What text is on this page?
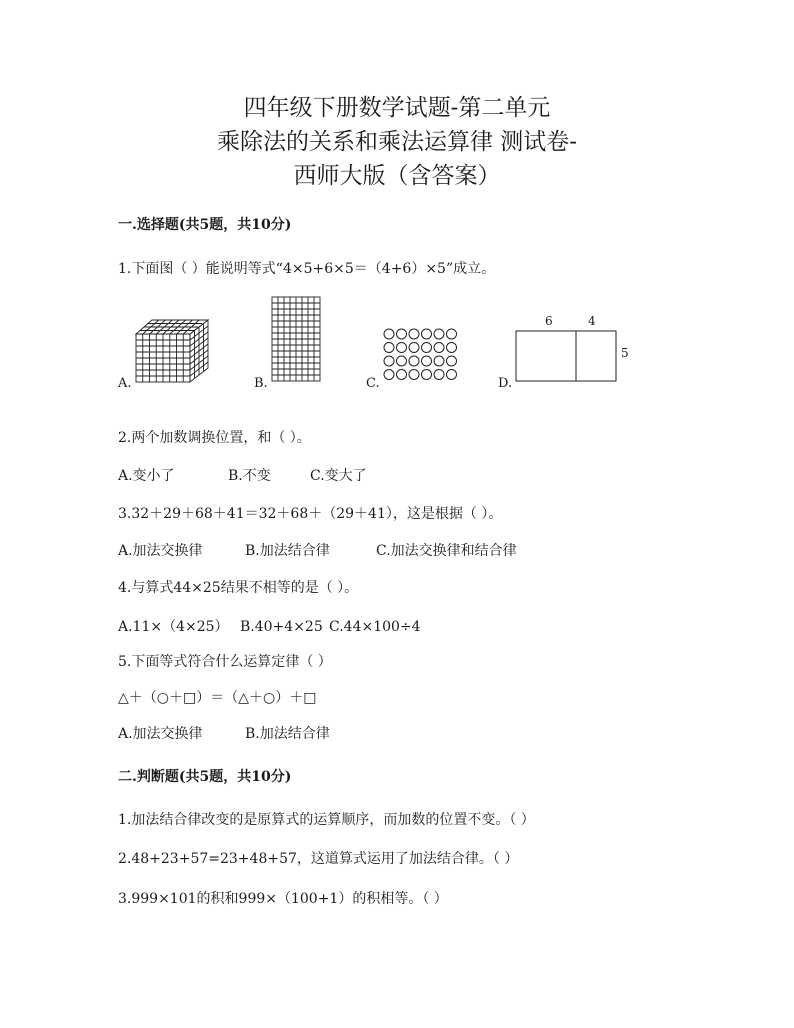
四年级下册数学试题-第二单元
乘除法的关系和乘法运算律 测试卷-
西师大版（含答案）
一.选择题(共5题，共10分)
1.下面图（ ）能说明等式“4×5+6×5＝（4+6）×5”成立。
A.	B.	C.	D.
6	4
5
2.两个加数调换位置，和（ ）。
A.变小了	B.不变	C.变大了
3.32＋29＋68＋41＝32＋68＋（29＋41），这是根据（ ）。
A.加法交换律	B.加法结合律	C.加法交换律和结合律
4.与算式44×25结果不相等的是（ ）。
A.11×（4×25） B.40+4×25 C.44×100÷4
5.下面等式符合什么运算定律（ ）
△＋（○＋□）＝（△＋○）＋□
A.加法交换律	B.加法结合律
二.判断题(共5题，共10分)
1.加法结合律改变的是原算式的运算顺序，而加数的位置不变。（ ）
2.48+23+57=23+48+57，这道算式运用了加法结合律。（ ）
3.999×101的积和999×（100+1）的积相等。（ ）
